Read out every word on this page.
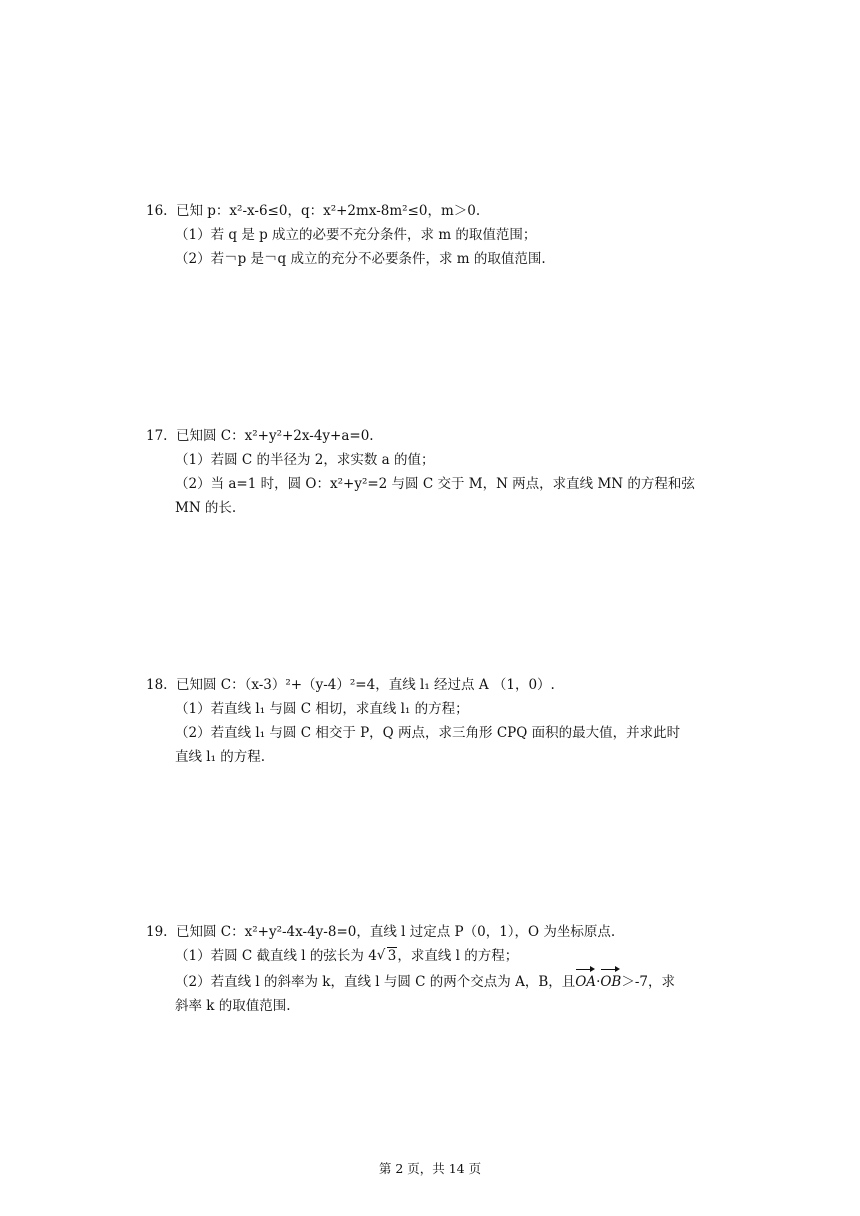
16. 已知 p：x²-x-6≤0，q：x²+2mx-8m²≤0，m＞0.
（1）若 q 是 p 成立的必要不充分条件，求 m 的取值范围；
（2）若￢p 是￢q 成立的充分不必要条件，求 m 的取值范围.
17. 已知圆 C：x²+y²+2x-4y+a=0.
（1）若圆 C 的半径为 2，求实数 a 的值；
（2）当 a=1 时，圆 O：x²+y²=2 与圆 C 交于 M，N 两点，求直线 MN 的方程和弦
MN 的长.
18. 已知圆 C：（x-3）²+（y-4）²=4，直线 l₁ 经过点 A （1，0）.
（1）若直线 l₁ 与圆 C 相切，求直线 l₁ 的方程；
（2）若直线 l₁ 与圆 C 相交于 P，Q 两点，求三角形 CPQ 面积的最大值，并求此时
直线 l₁ 的方程.
19. 已知圆 C：x²+y²-4x-4y-8=0，直线 l 过定点 P（0，1），O 为坐标原点.
（1）若圆 C 截直线 l 的弦长为 4 √ 3，求直线 l 的方程；
（2）若直线 l 的斜率为 k，直线 l 与圆 C 的两个交点为 A，B，且OA·OB＞-7，求
斜率 k 的取值范围.
第 2 页，共 14 页
